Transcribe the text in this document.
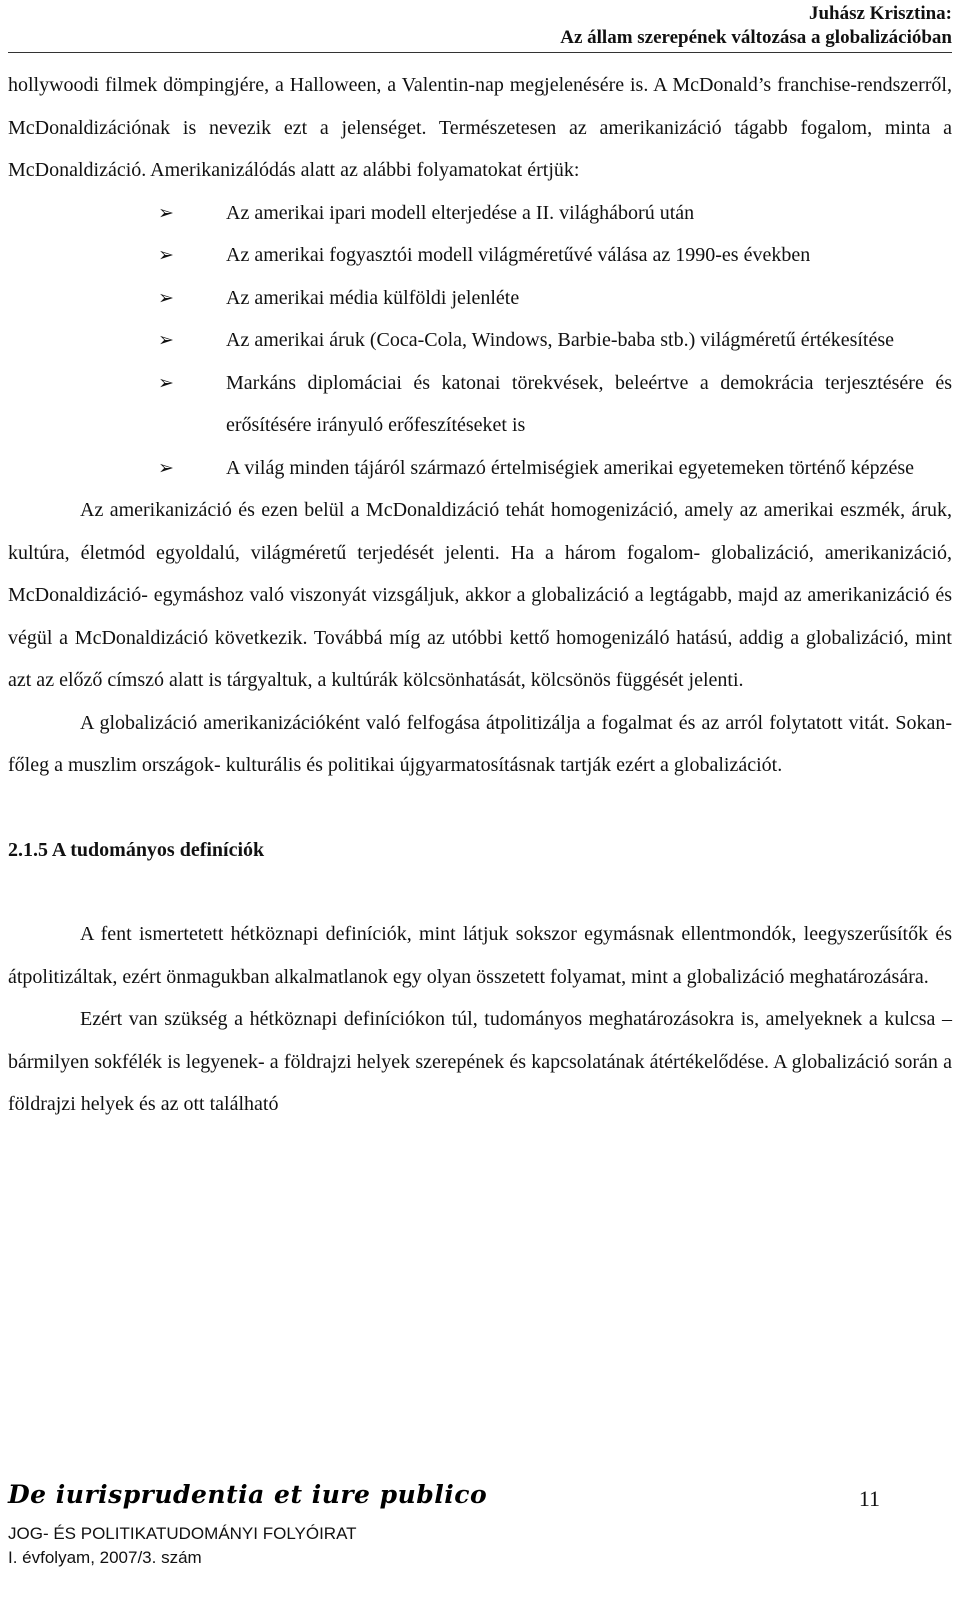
Juhász Krisztina:
Az állam szerepének változása a globalizációban

hollywoodi filmek dömpingjére, a Halloween, a Valentin-nap megjelenésére is. A McDonald’s franchise-rendszerről, McDonaldizációnak is nevezik ezt a jelenséget. Természetesen az amerikanizáció tágabb fogalom, minta a McDonaldizáció. Amerikanizálódás alatt az alábbi folyamatokat értjük:

➢	Az amerikai ipari modell elterjedése a II. világháború után
➢	Az amerikai fogyasztói modell világméretűvé válása az 1990-es években
➢	Az amerikai média külföldi jelenléte
➢	Az amerikai áruk (Coca-Cola, Windows, Barbie-baba stb.) világméretű értékesítése
➢	Markáns diplomáciai és katonai törekvések, beleértve a demokrácia terjesztésére és erősítésére irányuló erőfeszítéseket is
➢	A világ minden tájáról származó értelmiségiek amerikai egyetemeken történő képzése

Az amerikanizáció és ezen belül a McDonaldizáció tehát homogenizáció, amely az amerikai eszmék, áruk, kultúra, életmód egyoldalú, világméretű terjedését jelenti. Ha a három fogalom- globalizáció, amerikanizáció, McDonaldizáció- egymáshoz való viszonyát vizsgáljuk, akkor a globalizáció a legtágabb, majd az amerikanizáció és végül a McDonaldizáció következik. Továbbá míg az utóbbi kettő homogenizáló hatású, addig a globalizáció, mint azt az előző címszó alatt is tárgyaltuk, a kultúrák kölcsönhatását, kölcsönös függését jelenti.

A globalizáció amerikanizációként való felfogása átpolitizálja a fogalmat és az arról folytatott vitát. Sokan-főleg a muszlim országok- kulturális és politikai újgyarmatosításnak tartják ezért a globalizációt.

2.1.5 A tudományos definíciók

A fent ismertetett hétköznapi definíciók, mint látjuk sokszor egymásnak ellentmondók, leegyszerűsítők és átpolitizáltak, ezért önmagukban alkalmatlanok egy olyan összetett folyamat, mint a globalizáció meghatározására.

Ezért van szükség a hétköznapi definíciókon túl, tudományos meghatározásokra is, amelyeknek a kulcsa – bármilyen sokfélék is legyenek- a földrajzi helyek szerepének és kapcsolatának átértékelődése. A globalizáció során a földrajzi helyek és az ott található

De iurisprudentia et iure publico	11
JOG- ÉS POLITIKATUDOMÁNYI FOLYÓIRAT
I. évfolyam, 2007/3. szám
